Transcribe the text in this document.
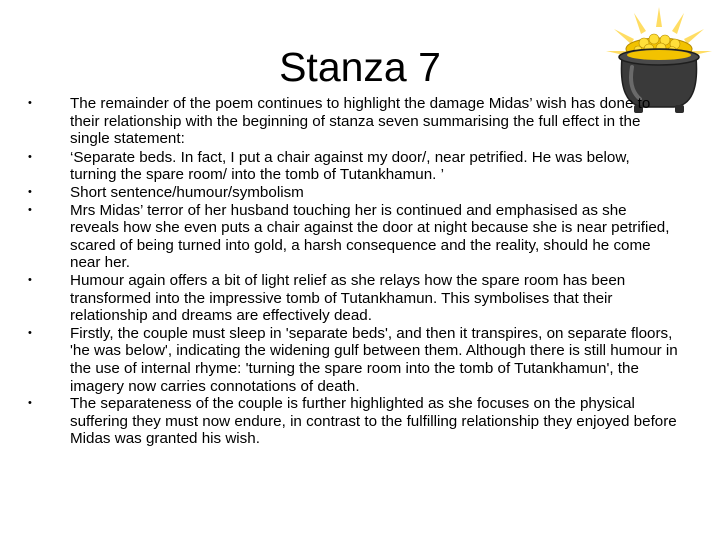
Stanza 7
•	The remainder of the poem continues to highlight the damage Midas’ wish has done to their relationship with the beginning of stanza seven summarising the full effect in the single statement:
•	‘Separate beds. In fact, I put a chair against my door/, near petrified. He was below, turning the spare room/ into the tomb of Tutankhamun. ’
•	Short sentence/humour/symbolism
•	Mrs Midas’ terror of her husband touching her is continued and emphasised as she reveals how she even puts a chair against the door at night because she is near petrified, scared of being turned into gold, a harsh consequence and the reality, should he come near her.
•	Humour again offers a bit of light relief as she relays how the spare room has been transformed into the impressive tomb of Tutankhamun. This symbolises that their relationship and dreams are effectively dead.
•	Firstly, the couple must sleep in 'separate beds', and then it transpires, on separate floors, 'he was below', indicating the widening gulf between them. Although there is still humour in the use of internal rhyme: 'turning the spare room into the tomb of Tutankhamun', the imagery now carries connotations of death.
•	The separateness of the couple is further highlighted as she focuses on the physical suffering they must now endure, in contrast to the fulfilling relationship they enjoyed before Midas was granted his wish.
